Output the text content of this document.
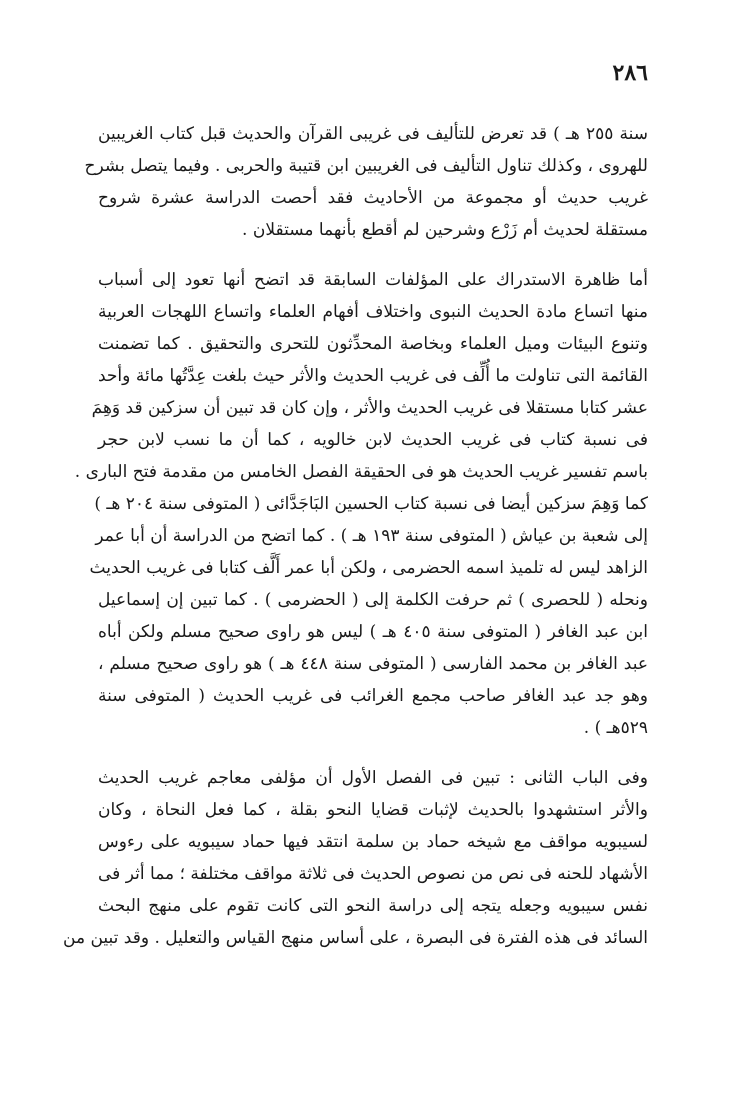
٢٨٦

سنة ٢٥٥ هـ ) قد تعرض للتأليف فى غريبى القرآن والحديث قبل كتاب الغريبين
للهروى ، وكذلك تناول التأليف فى الغريبين ابن قتيبة والحربى . وفيما يتصل بشرح
غريب حديث أو مجموعة من الأحاديث فقد أحصت الدراسة عشرة شروح
مستقلة لحديث أم زَرْع وشرحين لم أقطع بأنهما مستقلان .

أما ظاهرة الاستدراك على المؤلفات السابقة قد اتضح أنها تعود إلى أسباب
منها اتساع مادة الحديث النبوى واختلاف أفهام العلماء واتساع اللهجات العربية
وتنوع البيئات وميل العلماء وبخاصة المحدِّثون للتحرى والتحقيق . كما تضمنت
القائمة التى تناولت ما أُلِّف فى غريب الحديث والأثر حيث بلغت عِدَّتُها مائة وأحد
عشر كتابا مستقلا فى غريب الحديث والأثر ، وإن كان قد تبين أن سزكين قد وَهِمَ
فى نسبة كتاب فى غريب الحديث لابن خالويه ، كما أن ما نسب لابن حجر
باسم تفسير غريب الحديث هو فى الحقيقة الفصل الخامس من مقدمة فتح البارى .
كما وَهِمَ سزكين أيضا فى نسبة كتاب الحسين البَاجَدَّائى ( المتوفى سنة ٢٠٤ هـ )
إلى شعبة بن عياش ( المتوفى سنة ١٩٣ هـ ) . كما اتضح من الدراسة أن أبا عمر
الزاهد ليس له تلميذ اسمه الحضرمى ، ولكن أبا عمر أَلَّف كتابا فى غريب الحديث
ونحله ( للحصرى ) ثم حرفت الكلمة إلى ( الحضرمى ) . كما تبين إن إسماعيل
ابن عبد الغافر ( المتوفى سنة ٤٠٥ هـ ) ليس هو راوى صحيح مسلم ولكن أباه
عبد الغافر بن محمد الفارسى ( المتوفى سنة ٤٤٨ هـ ) هو راوى صحيح مسلم ،
وهو جد عبد الغافر صاحب مجمع الغرائب فى غريب الحديث ( المتوفى سنة
٥٢٩هـ ) .

وفى الباب الثانى : تبين فى الفصل الأول أن مؤلفى معاجم غريب الحديث
والأثر استشهدوا بالحديث لإثبات قضايا النحو بقلة ، كما فعل النحاة ، وكان
لسيبويه مواقف مع شيخه حماد بن سلمة انتقد فيها حماد سيبويه على رءوس
الأشهاد للحنه فى نص من نصوص الحديث فى ثلاثة مواقف مختلفة ؛ مما أثر فى
نفس سيبويه وجعله يتجه إلى دراسة النحو التى كانت تقوم على منهج البحث
السائد فى هذه الفترة فى البصرة ، على أساس منهج القياس والتعليل . وقد تبين من
